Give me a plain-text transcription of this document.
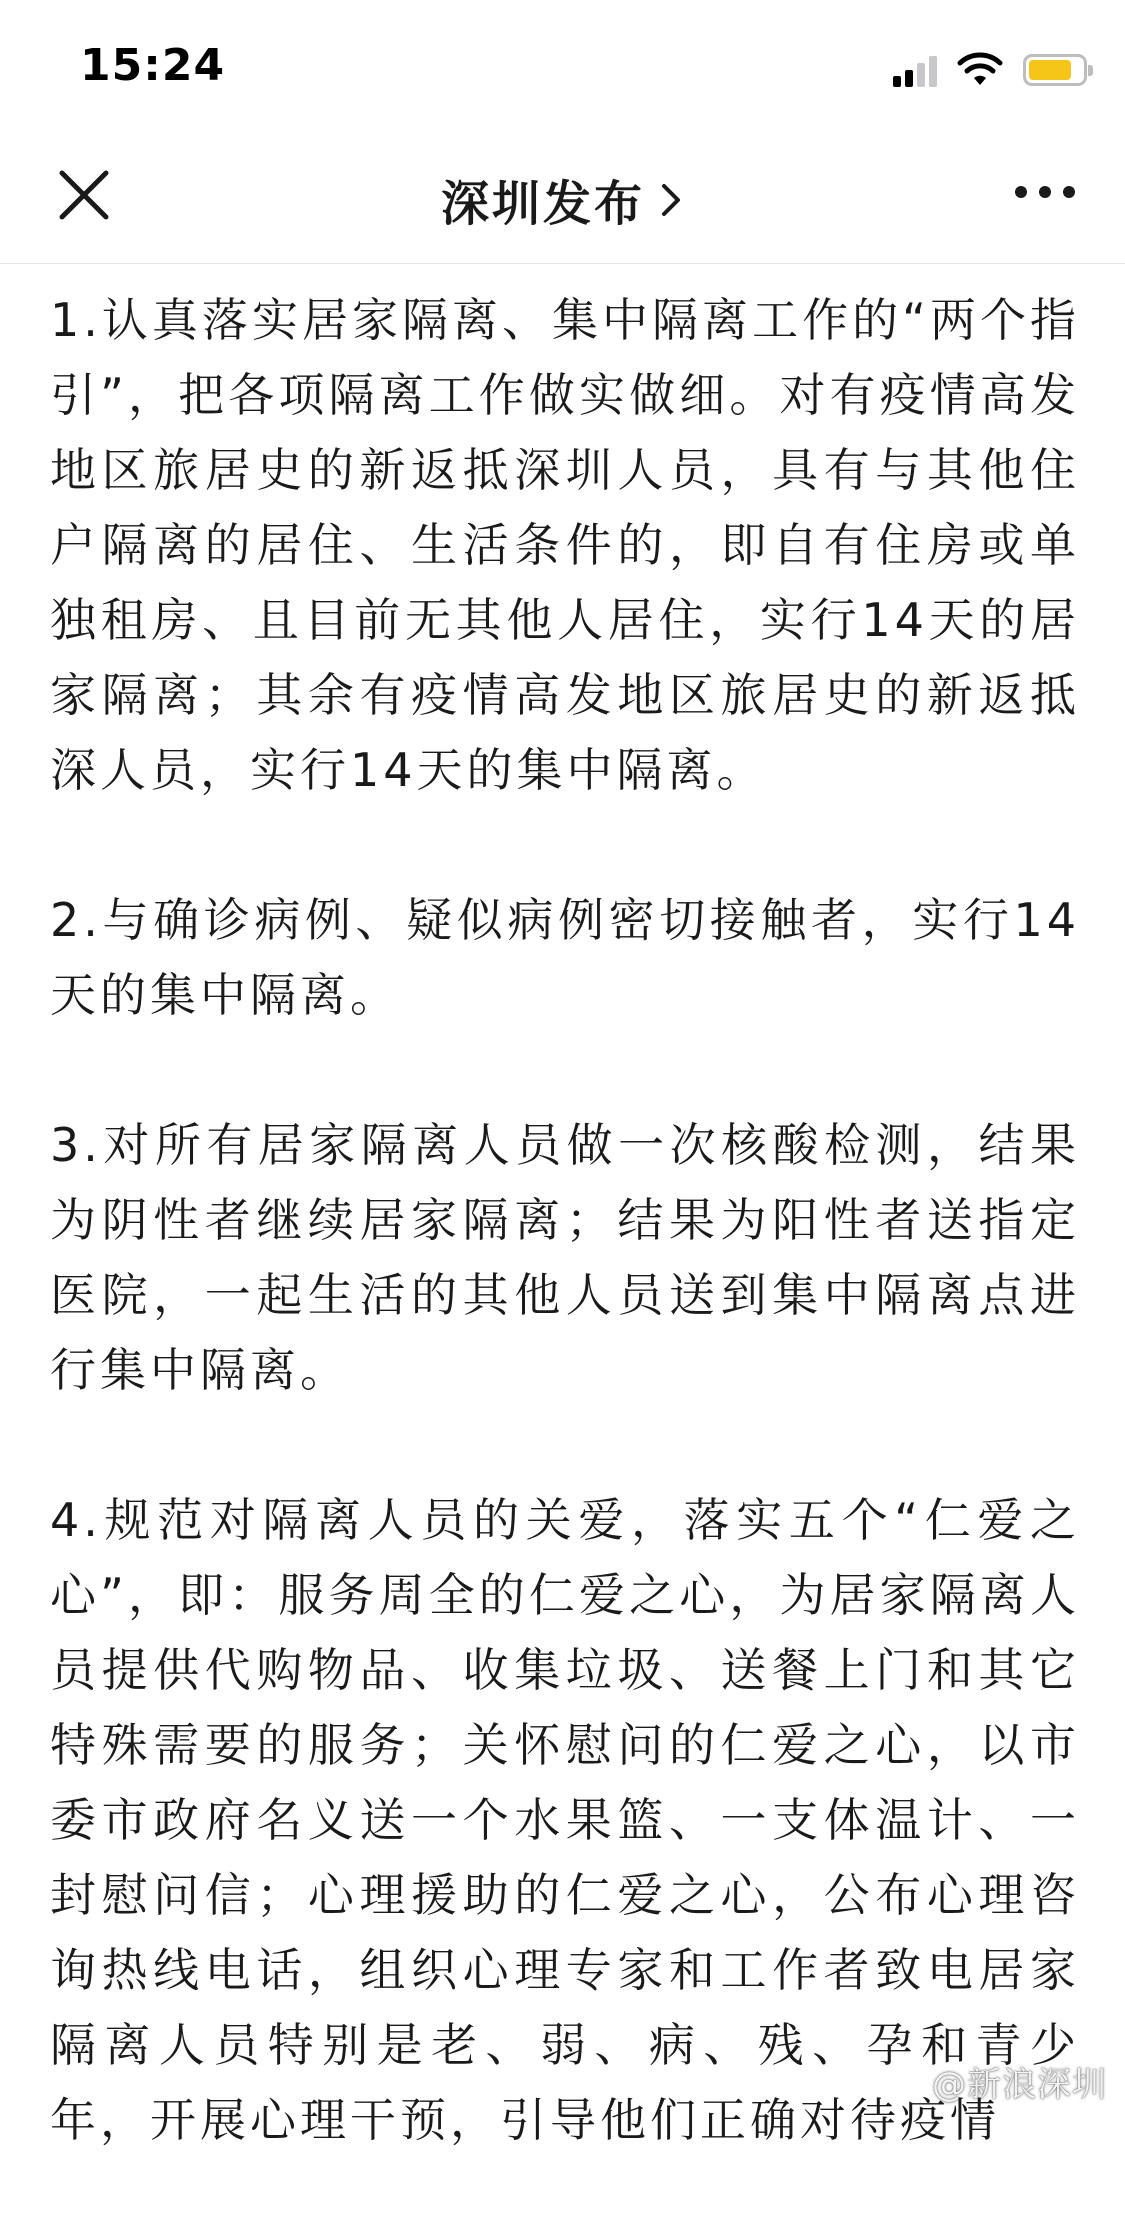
15:24
深圳发布

1.认真落实居家隔离、集中隔离工作的“两个指引”，把各项隔离工作做实做细。对有疫情高发地区旅居史的新返抵深圳人员，具有与其他住户隔离的居住、生活条件的，即自有住房或单独租房、且目前无其他人居住，实行14天的居家隔离；其余有疫情高发地区旅居史的新返抵深人员，实行14天的集中隔离。

2.与确诊病例、疑似病例密切接触者，实行14天的集中隔离。

3.对所有居家隔离人员做一次核酸检测，结果为阴性者继续居家隔离；结果为阳性者送指定医院，一起生活的其他人员送到集中隔离点进行集中隔离。

4.规范对隔离人员的关爱，落实五个“仁爱之心”，即：服务周全的仁爱之心，为居家隔离人员提供代购物品、收集垃圾、送餐上门和其它特殊需要的服务；关怀慰问的仁爱之心，以市委市政府名义送一个水果篮、一支体温计、一封慰问信；心理援助的仁爱之心，公布心理咨询热线电话，组织心理专家和工作者致电居家隔离人员特别是老、弱、病、残、孕和青少年，开展心理干预，引导他们正确对待疫情

@新浪深圳
